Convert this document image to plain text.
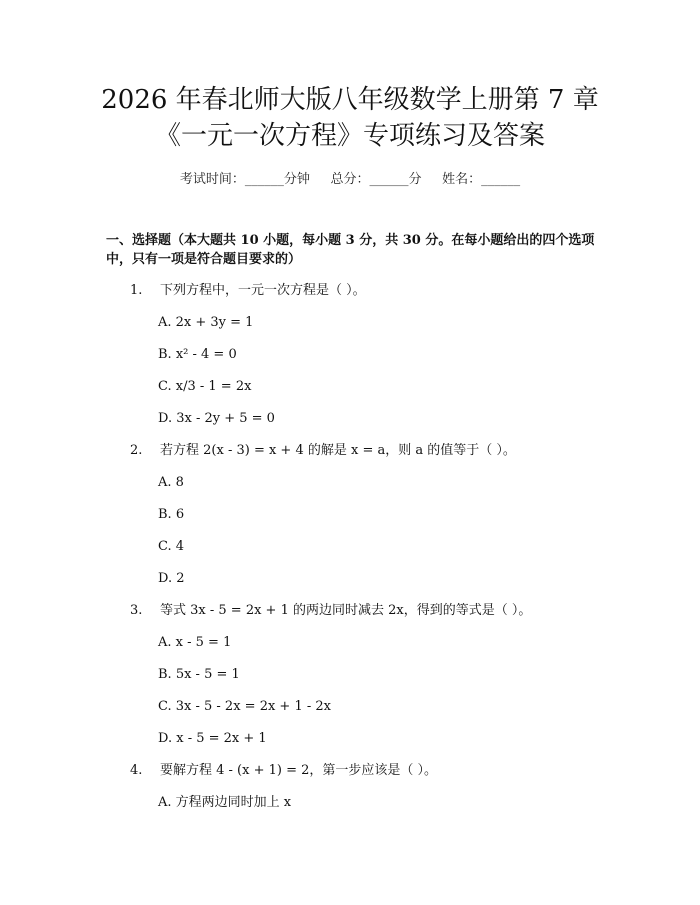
2026 年春北师大版八年级数学上册第 7 章
《一元一次方程》专项练习及答案
考试时间：______分钟     总分：______分     姓名：______
一、选择题（本大题共 10 小题，每小题 3 分，共 30 分。在每小题给出的四个选项中，只有一项是符合题目要求的）
1. 下列方程中，一元一次方程是（ ）。
A. 2x + 3y = 1
B. x² - 4 = 0
C. x/3 - 1 = 2x
D. 3x - 2y + 5 = 0
2. 若方程 2(x - 3) = x + 4 的解是 x = a，则 a 的值等于（ ）。
A. 8
B. 6
C. 4
D. 2
3. 等式 3x - 5 = 2x + 1 的两边同时减去 2x，得到的等式是（ ）。
A. x - 5 = 1
B. 5x - 5 = 1
C. 3x - 5 - 2x = 2x + 1 - 2x
D. x - 5 = 2x + 1
4. 要解方程 4 - (x + 1) = 2，第一步应该是（ ）。
A. 方程两边同时加上 x
